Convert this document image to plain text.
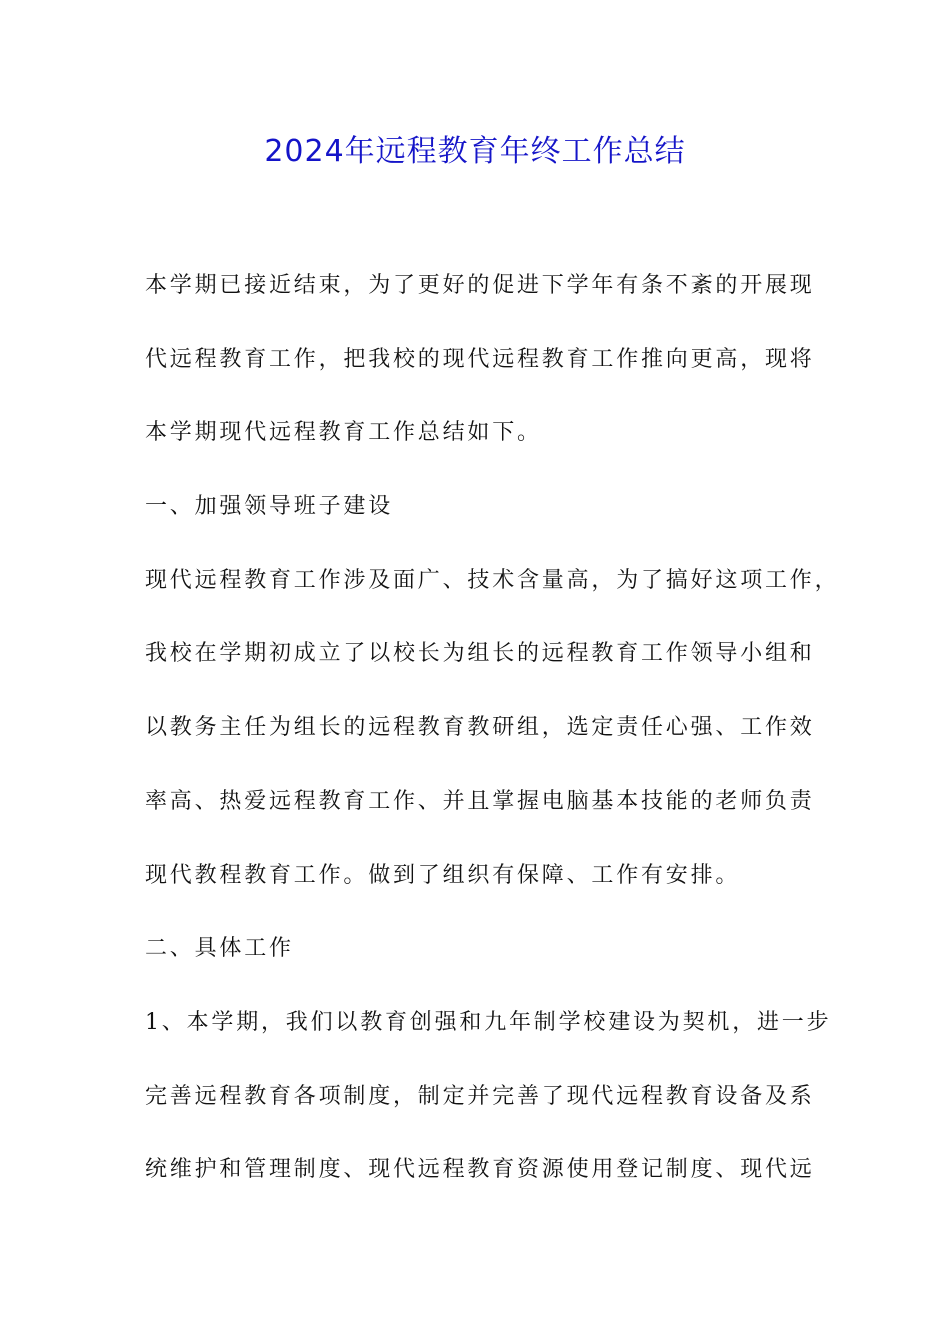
2024年远程教育年终工作总结

本学期已接近结束，为了更好的促进下学年有条不紊的开展现

代远程教育工作，把我校的现代远程教育工作推向更高，现将

本学期现代远程教育工作总结如下。

一、加强领导班子建设

现代远程教育工作涉及面广、技术含量高，为了搞好这项工作，

我校在学期初成立了以校长为组长的远程教育工作领导小组和

以教务主任为组长的远程教育教研组，选定责任心强、工作效

率高、热爱远程教育工作、并且掌握电脑基本技能的老师负责

现代教程教育工作。做到了组织有保障、工作有安排。

二、具体工作

1、本学期，我们以教育创强和九年制学校建设为契机，进一步

完善远程教育各项制度，制定并完善了现代远程教育设备及系

统维护和管理制度、现代远程教育资源使用登记制度、现代远
